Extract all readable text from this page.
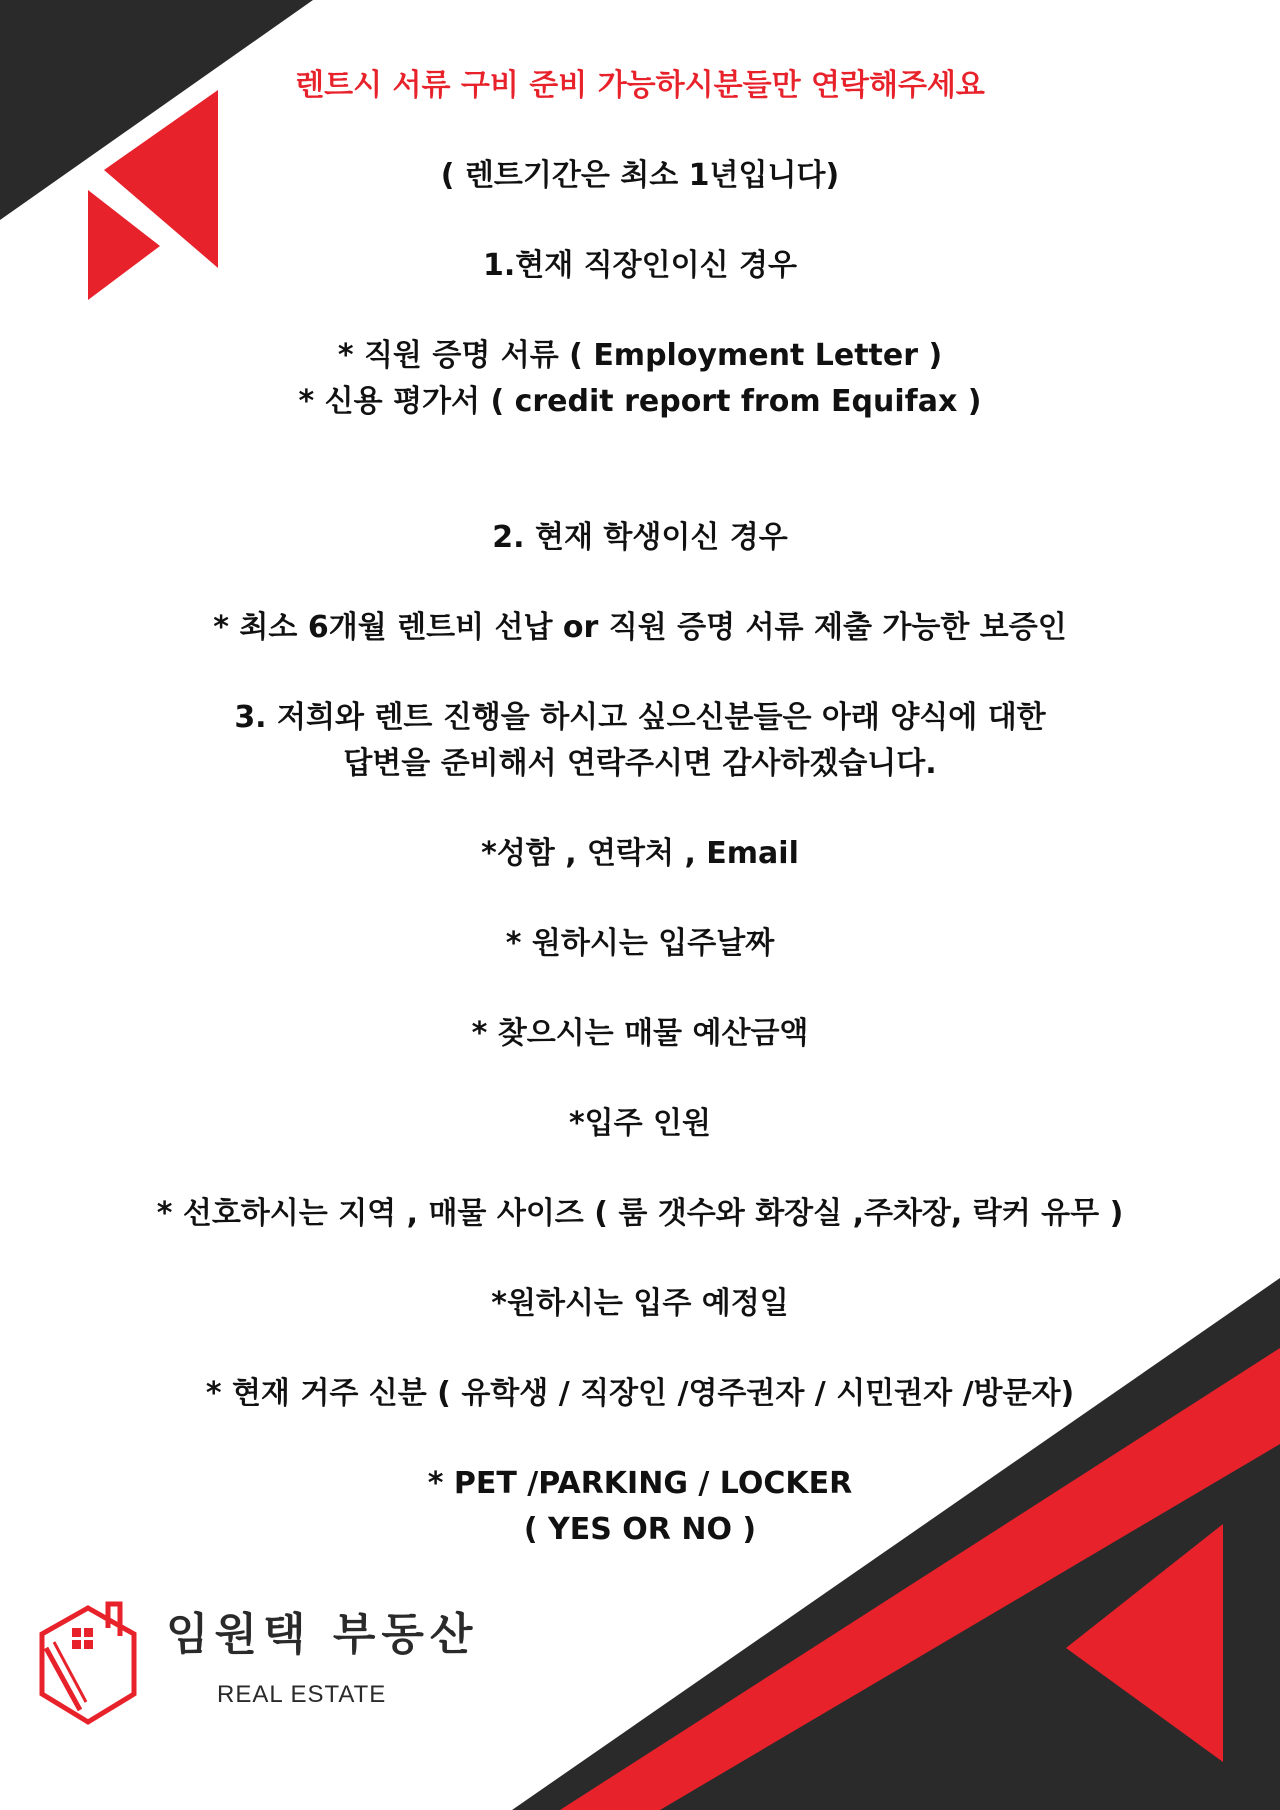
렌트시 서류 구비 준비 가능하시분들만 연락해주세요
( 렌트기간은 최소 1년입니다)
1.현재 직장인이신 경우
* 직원 증명 서류 ( Employment Letter )
* 신용 평가서 ( credit report from Equifax )
2. 현재 학생이신 경우
* 최소 6개월 렌트비 선납 or 직원 증명 서류 제출 가능한 보증인
3. 저희와 렌트 진행을 하시고 싶으신분들은 아래 양식에 대한
답변을 준비해서 연락주시면 감사하겠습니다.
*성함 , 연락처 , Email
* 원하시는 입주날짜
* 찾으시는 매물 예산금액
*입주 인원
* 선호하시는 지역 , 매물 사이즈 ( 룸 갯수와 화장실 ,주차장, 락커 유무 )
*원하시는 입주 예정일
* 현재 거주 신분 ( 유학생 / 직장인 /영주권자 / 시민권자 /방문자)
* PET /PARKING / LOCKER
( YES OR NO )
임원택 부동산
REAL ESTATE
